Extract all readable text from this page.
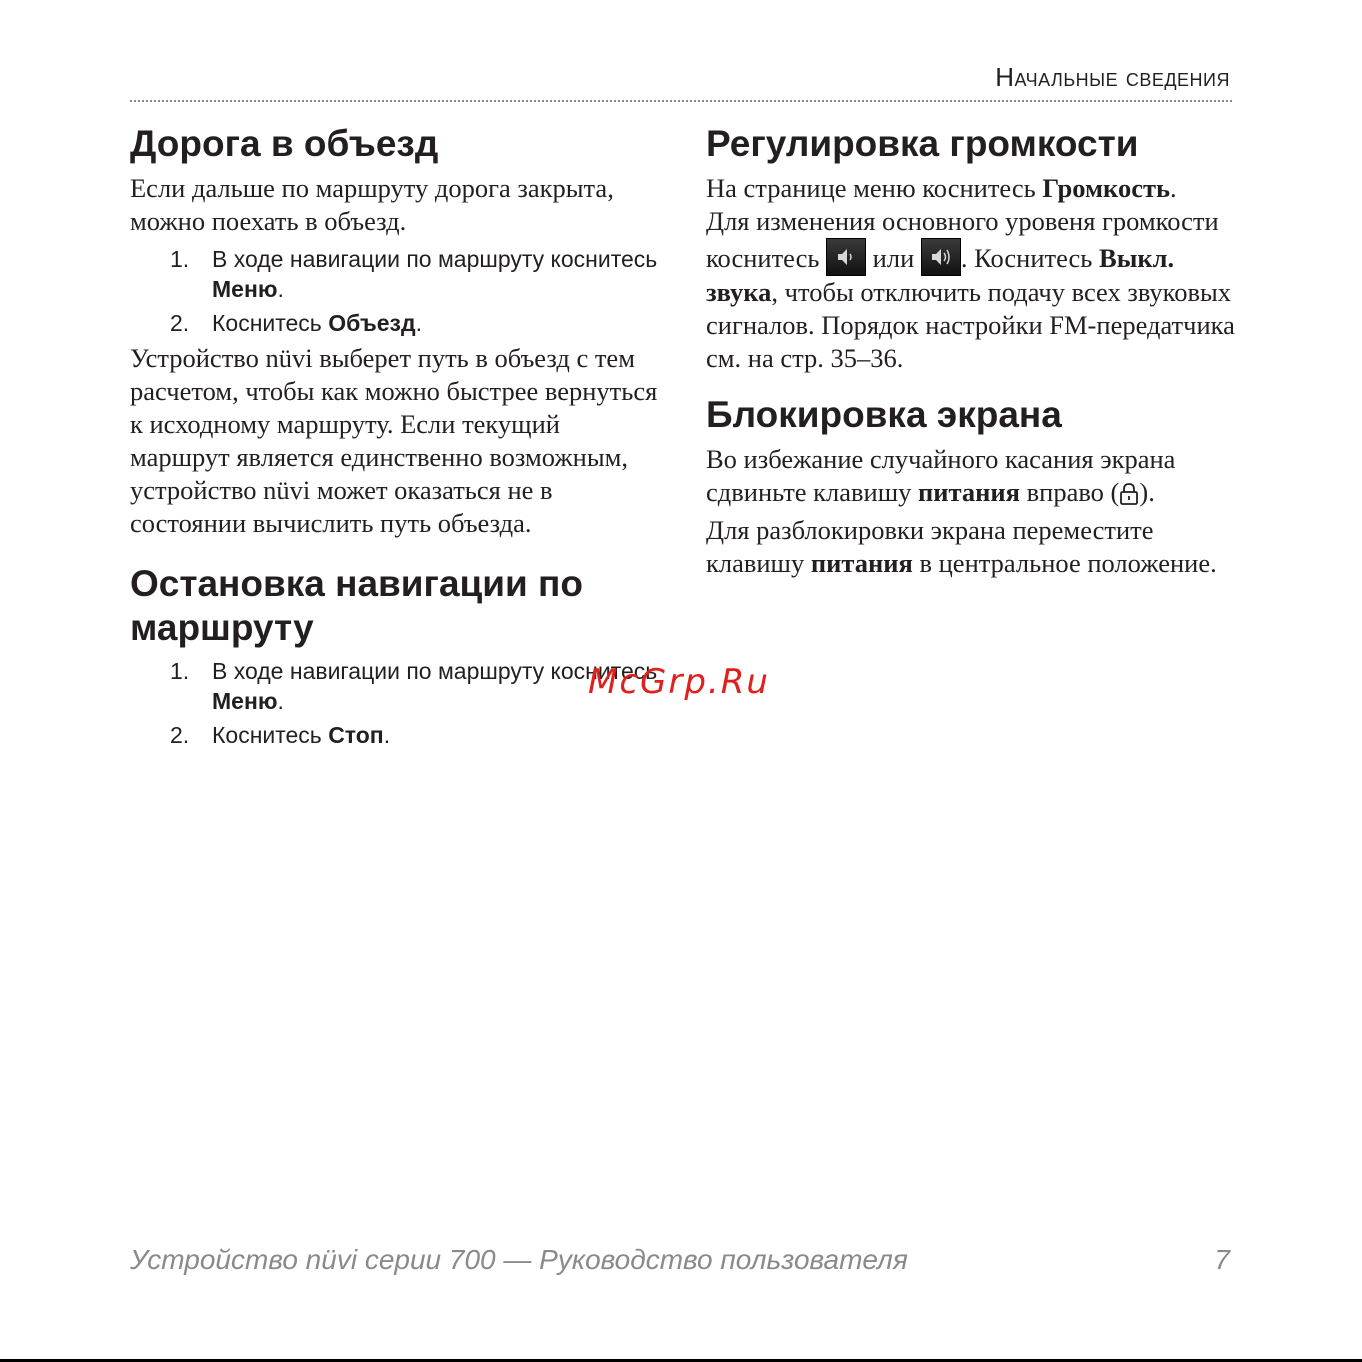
Начальные сведения
Дорога в объезд

Если дальше по маршруту дорога закрыта, можно поехать в объезд.

1. В ходе навигации по маршруту коснитесь Меню.
2. Коснитесь Объезд.

Устройство nüvi выберет путь в объезд с тем расчетом, чтобы как можно быстрее вернуться к исходному маршруту. Если текущий маршрут является единственно возможным, устройство nüvi может оказаться не в состоянии вычислить путь объезда.

Остановка навигации по маршруту
1. В ходе навигации по маршруту коснитесь Меню.
2. Коснитесь Стоп.
Регулировка громкости

На странице меню коснитесь Громкость.

Для изменения основного уровеня громкости коснитесь
или
. Коснитесь Выкл. звука, чтобы отключить подачу всех звуковых сигналов. Порядок настройки FM-передатчика см. на стр. 35–36.

Блокировка экрана

Во избежание случайного касания экрана сдвиньте клавишу питания вправо ( ).

Для разблокировки экрана переместите клавишу питания в центральное положение.

McGrp.Ru
Устройство nüvi серии 700 — Руководство пользователя	7
